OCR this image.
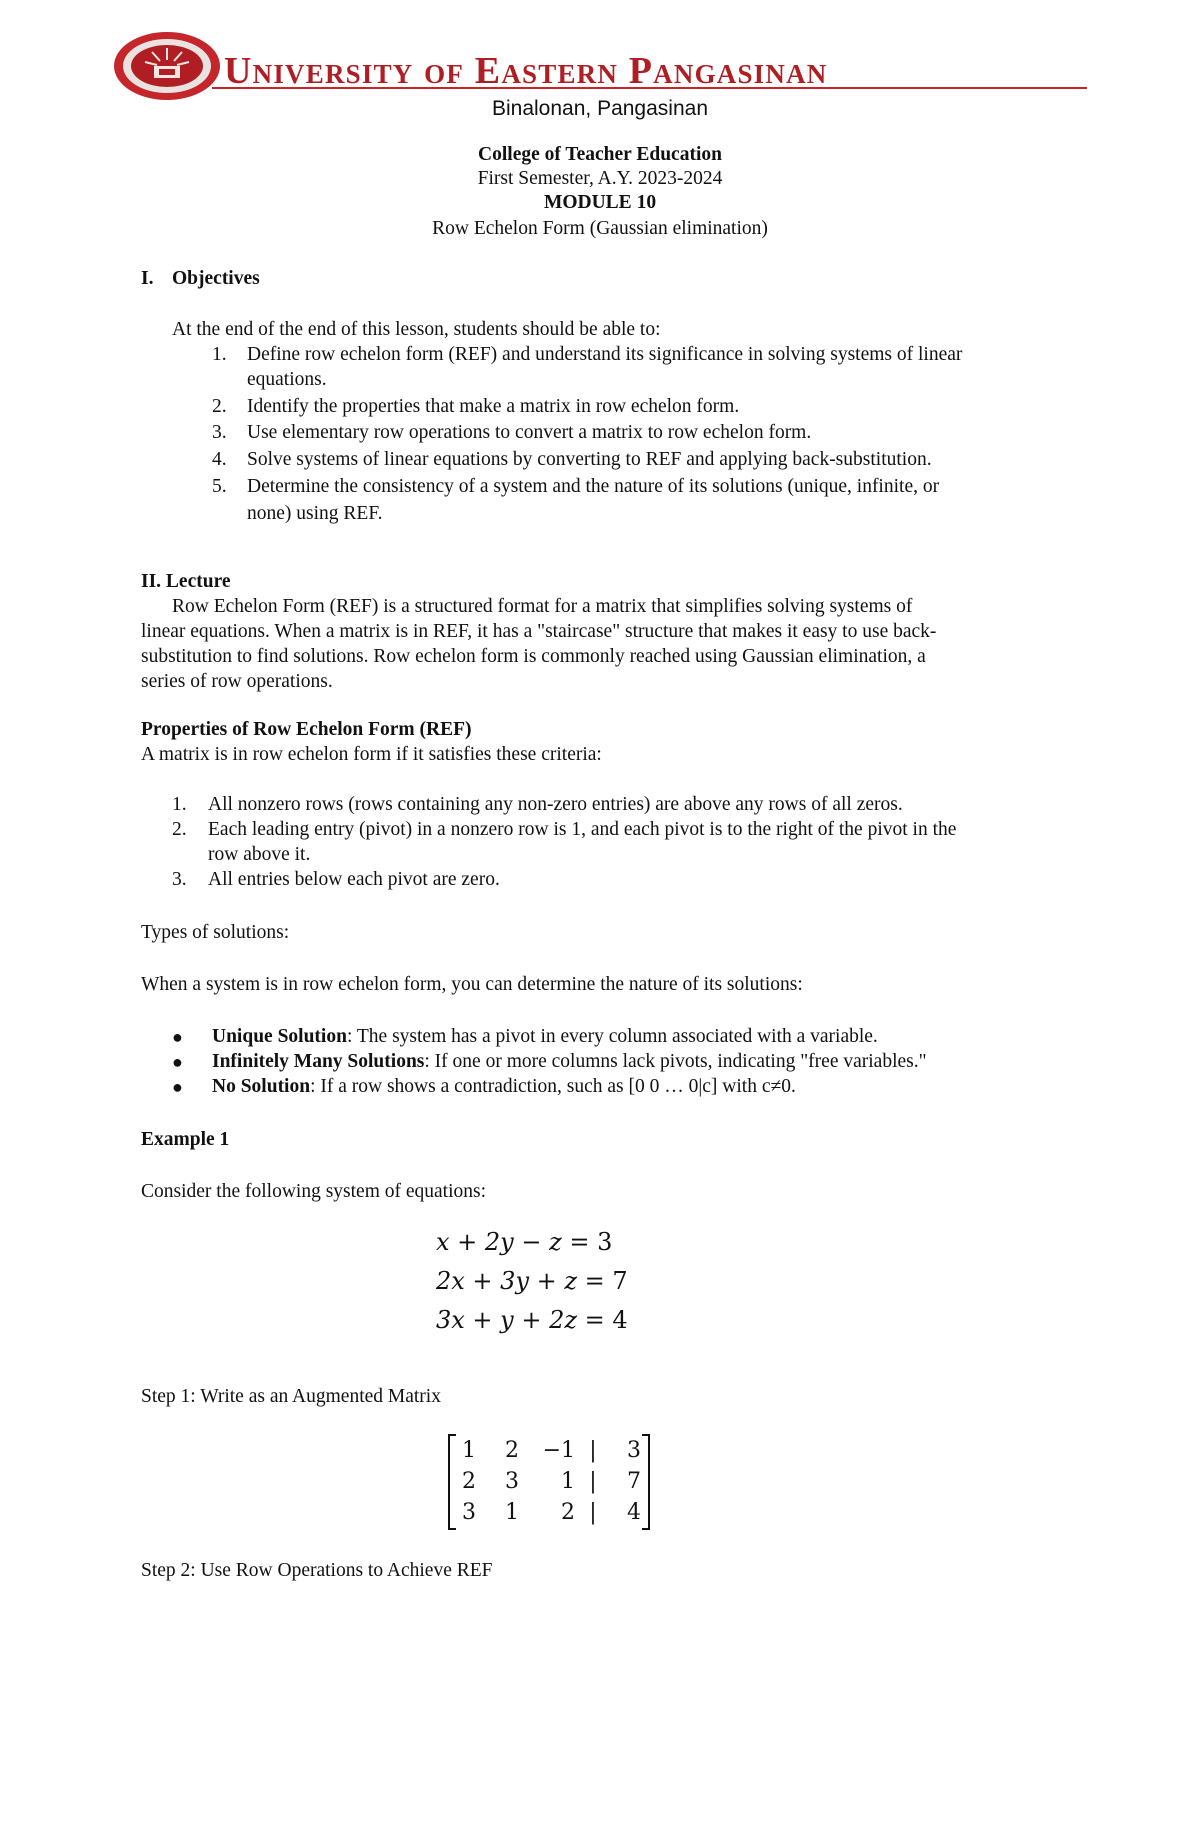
University of Eastern Pangasinan
Binalonan, Pangasinan
College of Teacher Education
First Semester, A.Y. 2023-2024
MODULE 10
Row Echelon Form (Gaussian elimination)
I. Objectives
At the end of the end of this lesson, students should be able to:
1.	Define row echelon form (REF) and understand its significance in solving systems of linear
equations.
2.	Identify the properties that make a matrix in row echelon form.
3.	Use elementary row operations to convert a matrix to row echelon form.
4.	Solve systems of linear equations by converting to REF and applying back-substitution.
5.	Determine the consistency of a system and the nature of its solutions (unique, infinite, or
none) using REF.
II. Lecture
Row Echelon Form (REF) is a structured format for a matrix that simplifies solving systems of
linear equations. When a matrix is in REF, it has a "staircase" structure that makes it easy to use back-
substitution to find solutions. Row echelon form is commonly reached using Gaussian elimination, a
series of row operations.
Properties of Row Echelon Form (REF)
A matrix is in row echelon form if it satisfies these criteria:
1.	All nonzero rows (rows containing any non-zero entries) are above any rows of all zeros.
2.	Each leading entry (pivot) in a nonzero row is 1, and each pivot is to the right of the pivot in the
row above it.
3.	All entries below each pivot are zero.
Types of solutions:
When a system is in row echelon form, you can determine the nature of its solutions:
● Unique Solution: The system has a pivot in every column associated with a variable.
● Infinitely Many Solutions: If one or more columns lack pivots, indicating "free variables."
● No Solution: If a row shows a contradiction, such as [0 0 … 0|c] with c≠0.
Example 1
Consider the following system of equations:
x + 2y − z = 3
2x + 3y + z = 7
3x + y + 2z = 4
Step 1: Write as an Augmented Matrix
1	2	−1	|	3
2	3	1	|	7
3	1	2	|	4
Step 2: Use Row Operations to Achieve REF
